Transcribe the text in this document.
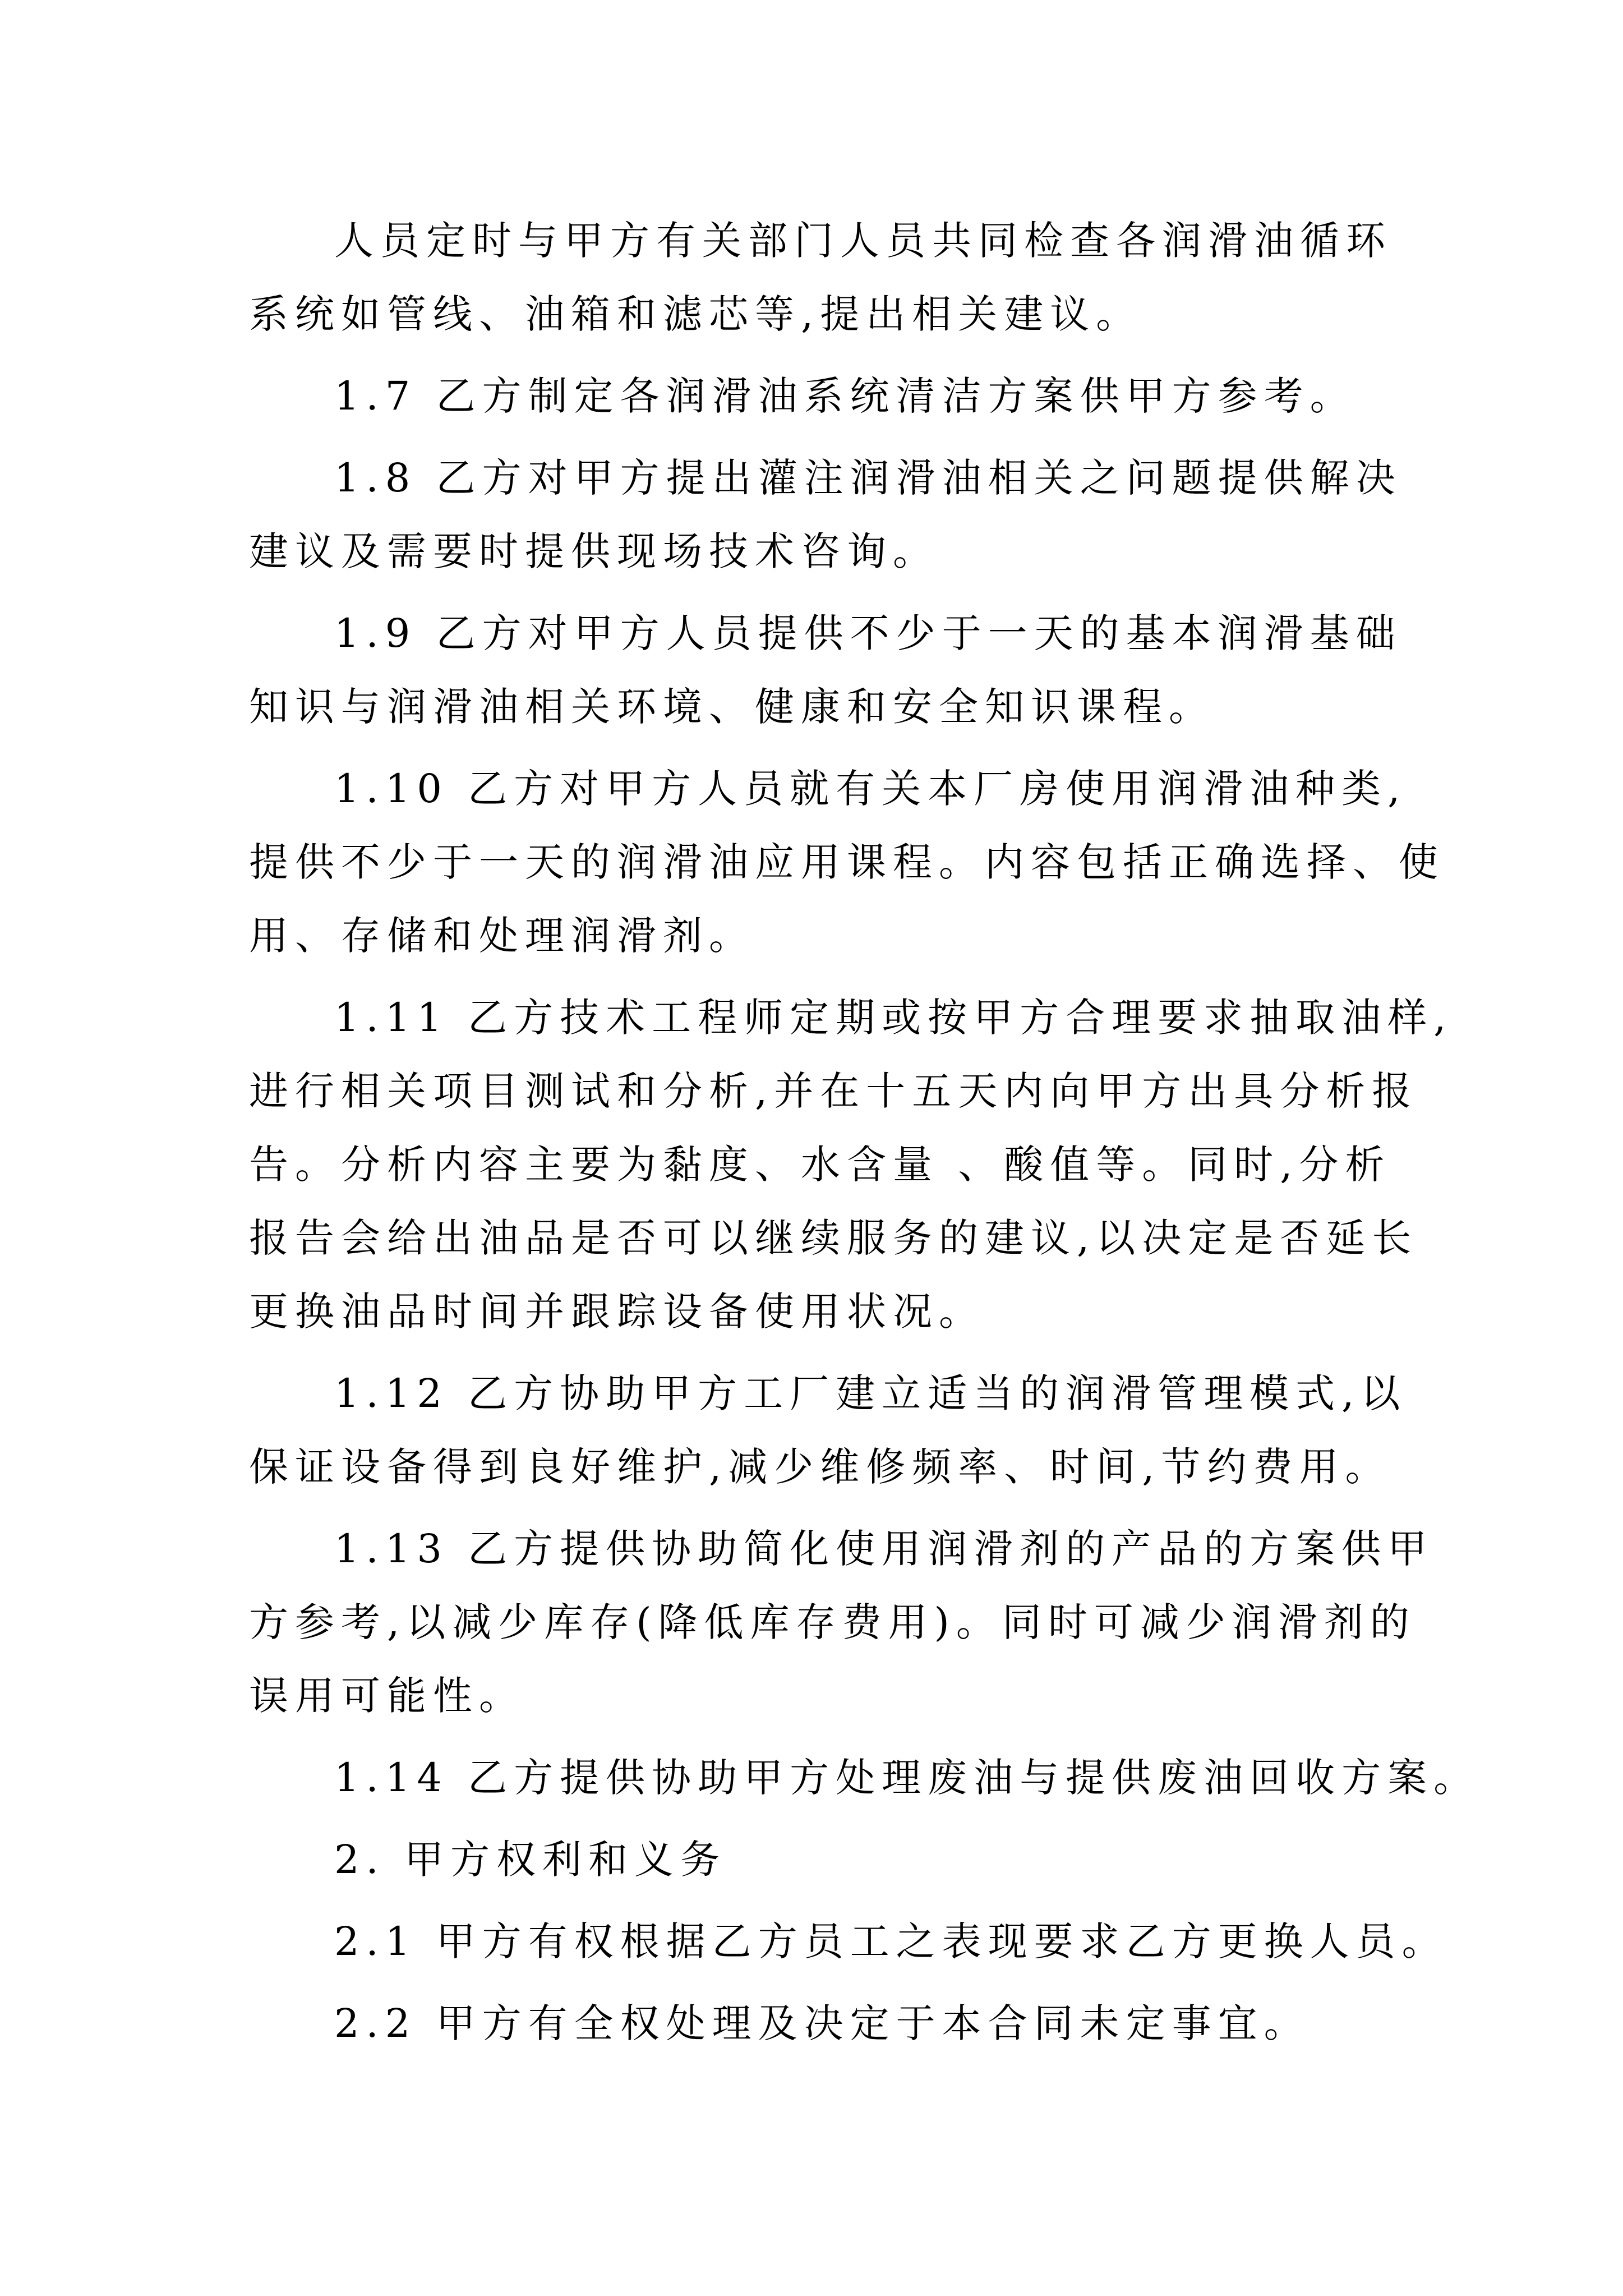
人员定时与甲方有关部门人员共同检查各润滑油循环
系统如管线、油箱和滤芯等,提出相关建议。
1.7 乙方制定各润滑油系统清洁方案供甲方参考。
1.8 乙方对甲方提出灌注润滑油相关之问题提供解决
建议及需要时提供现场技术咨询。
1.9 乙方对甲方人员提供不少于一天的基本润滑基础
知识与润滑油相关环境、健康和安全知识课程。
1.10 乙方对甲方人员就有关本厂房使用润滑油种类,
提供不少于一天的润滑油应用课程。内容包括正确选择、使
用、存储和处理润滑剂。
1.11 乙方技术工程师定期或按甲方合理要求抽取油样,
进行相关项目测试和分析,并在十五天内向甲方出具分析报
告。分析内容主要为黏度、水含量 、酸值等。同时,分析
报告会给出油品是否可以继续服务的建议,以决定是否延长
更换油品时间并跟踪设备使用状况。
1.12 乙方协助甲方工厂建立适当的润滑管理模式,以
保证设备得到良好维护,减少维修频率、时间,节约费用。
1.13 乙方提供协助简化使用润滑剂的产品的方案供甲
方参考,以减少库存(降低库存费用)。同时可减少润滑剂的
误用可能性。
1.14 乙方提供协助甲方处理废油与提供废油回收方案。
2. 甲方权利和义务
2.1 甲方有权根据乙方员工之表现要求乙方更换人员。
2.2 甲方有全权处理及决定于本合同未定事宜。
